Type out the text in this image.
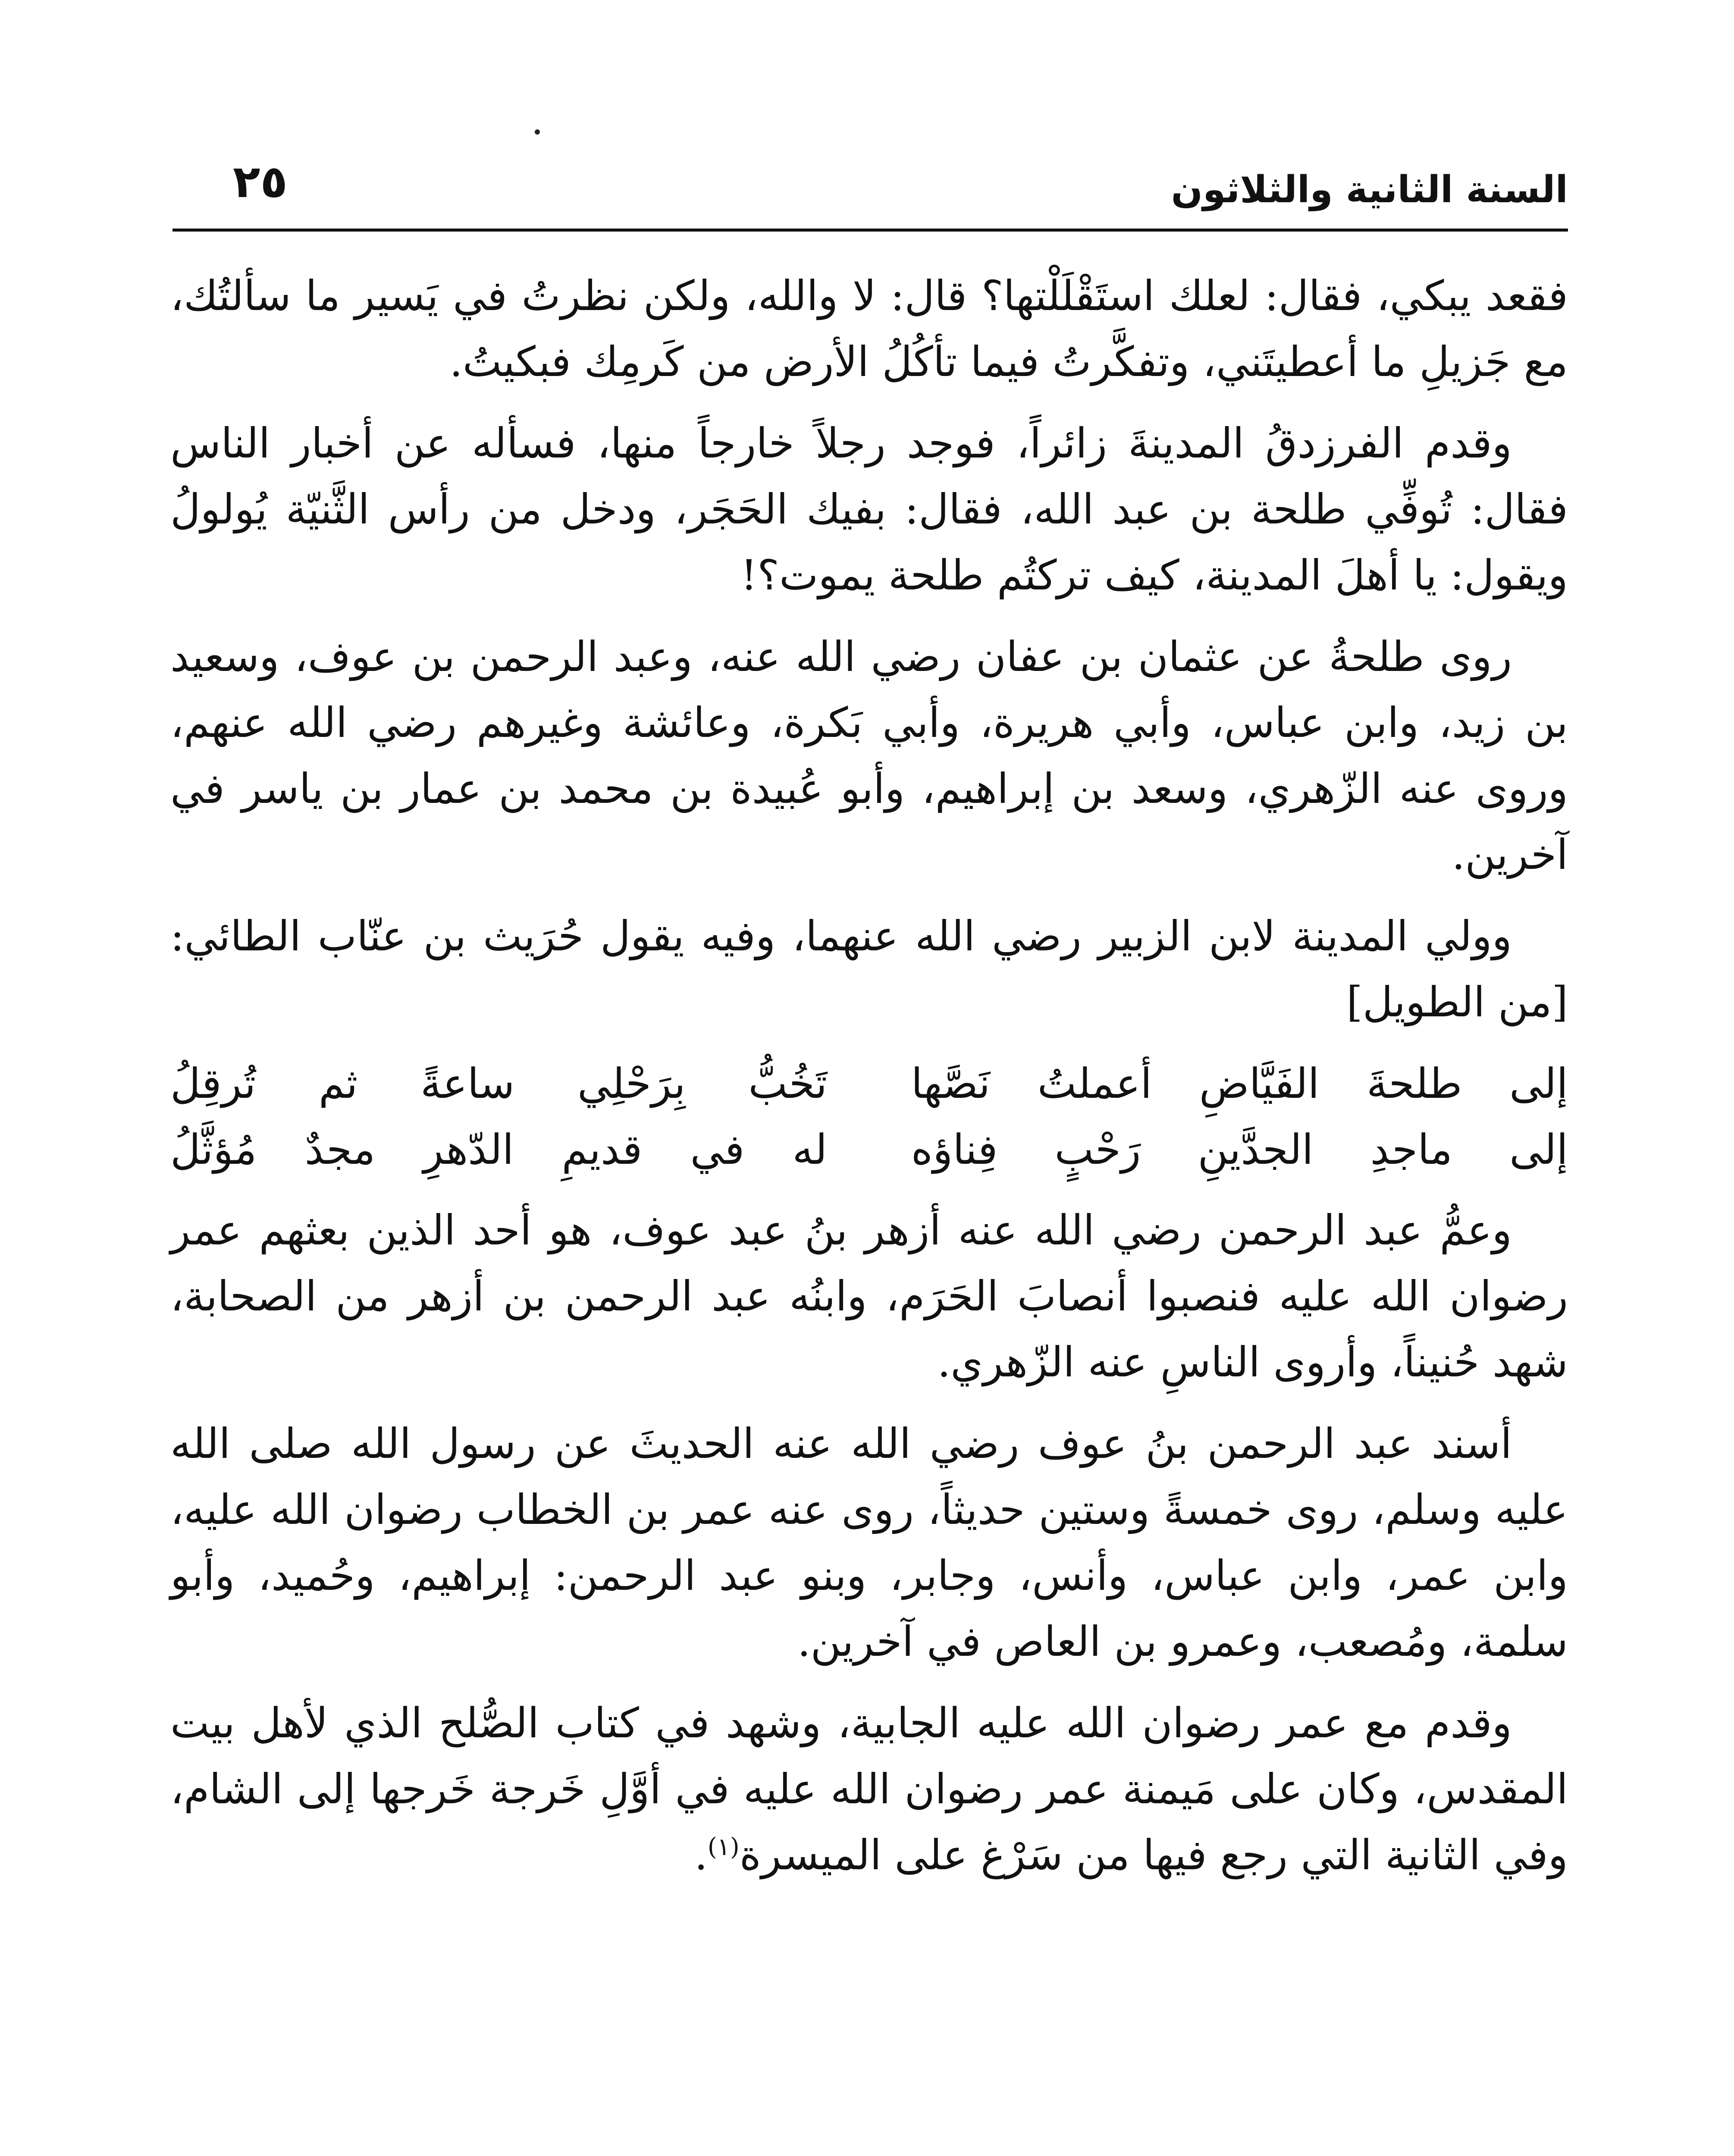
السنة الثانية والثلاثون
٢٥

فقعد يبكي، فقال: لعلك استَقْلَلْتها؟ قال: لا والله، ولكن نظرتُ في يَسير ما سألتُك، مع جَزيلِ ما أعطيتَني، وتفكَّرتُ فيما تأكُلُ الأرض من كَرمِك فبكيتُ.

وقدم الفرزدقُ المدينةَ زائراً، فوجد رجلاً خارجاً منها، فسأله عن أخبار الناس فقال: تُوفِّي طلحة بن عبد الله، فقال: بفيك الحَجَر، ودخل من رأس الثَّنيّة يُولولُ ويقول: يا أهلَ المدينة، كيف تركتُم طلحة يموت؟!

روى طلحةُ عن عثمان بن عفان رضي الله عنه، وعبد الرحمن بن عوف، وسعيد بن زيد، وابن عباس، وأبي هريرة، وأبي بَكرة، وعائشة وغيرهم رضي الله عنهم، وروى عنه الزّهري، وسعد بن إبراهيم، وأبو عُبيدة بن محمد بن عمار بن ياسر في آخرين.

وولي المدينة لابن الزبير رضي الله عنهما، وفيه يقول حُرَيث بن عنّاب الطائي: [من الطويل]

إلى طلحةَ الفَيَّاضِ أعملتُ نَصَّها
تَخُبُّ بِرَحْلِي ساعةً ثم تُرقِلُ
إلى ماجدِ الجدَّينِ رَحْبٍ فِناؤه
له في قديمِ الدّهرِ مجدٌ مُؤثَّلُ

وعمُّ عبد الرحمن رضي الله عنه أزهر بنُ عبد عوف، هو أحد الذين بعثهم عمر رضوان الله عليه فنصبوا أنصابَ الحَرَم، وابنُه عبد الرحمن بن أزهر من الصحابة، شهد حُنيناً، وأروى الناسِ عنه الزّهري.

أسند عبد الرحمن بنُ عوف رضي الله عنه الحديثَ عن رسول الله صلى الله عليه وسلم، روى خمسةً وستين حديثاً، روى عنه عمر بن الخطاب رضوان الله عليه، وابن عمر، وابن عباس، وأنس، وجابر، وبنو عبد الرحمن: إبراهيم، وحُميد، وأبو سلمة، ومُصعب، وعمرو بن العاص في آخرين.

وقدم مع عمر رضوان الله عليه الجابية، وشهد في كتاب الصُّلح الذي لأهل بيت المقدس، وكان على مَيمنة عمر رضوان الله عليه في أوَّلِ خَرجة خَرجها إلى الشام، وفي الثانية التي رجع فيها من سَرْغ على الميسرة$^{(١)}$.
